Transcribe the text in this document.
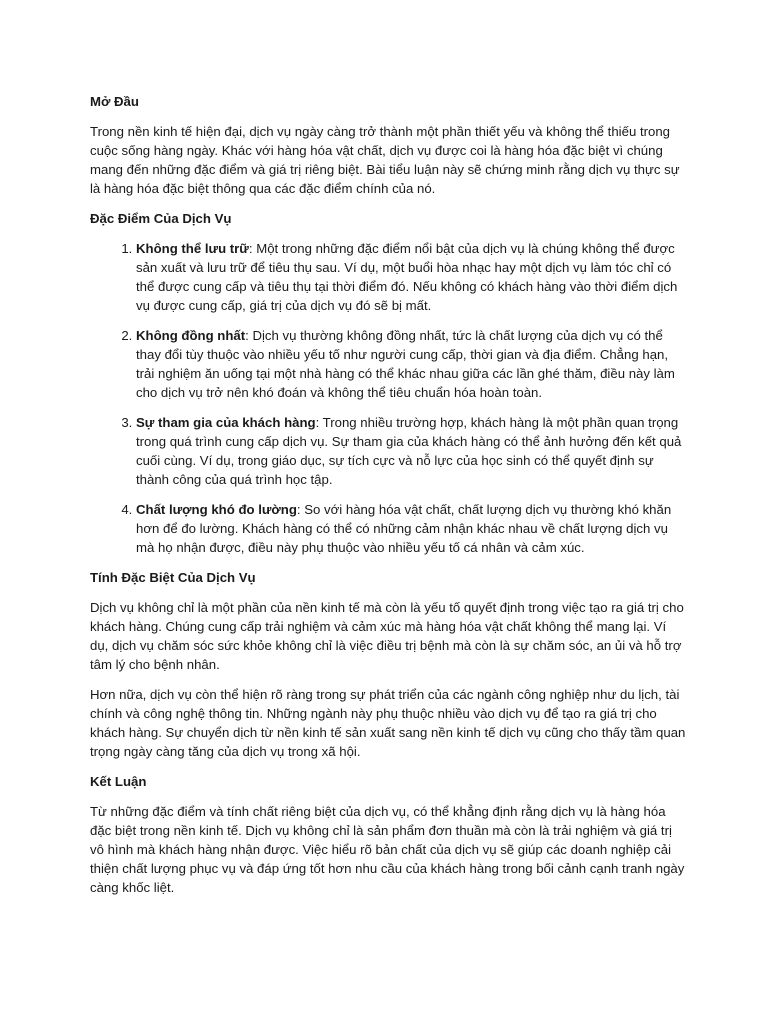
Mở Đầu

Trong nền kinh tế hiện đại, dịch vụ ngày càng trở thành một phần thiết yếu và không thể thiếu trong cuộc sống hàng ngày. Khác với hàng hóa vật chất, dịch vụ được coi là hàng hóa đặc biệt vì chúng mang đến những đặc điểm và giá trị riêng biệt. Bài tiểu luận này sẽ chứng minh rằng dịch vụ thực sự là hàng hóa đặc biệt thông qua các đặc điểm chính của nó.

Đặc Điểm Của Dịch Vụ
1. Không thể lưu trữ: Một trong những đặc điểm nổi bật của dịch vụ là chúng không thể được sản xuất và lưu trữ để tiêu thụ sau. Ví dụ, một buổi hòa nhạc hay một dịch vụ làm tóc chỉ có thể được cung cấp và tiêu thụ tại thời điểm đó. Nếu không có khách hàng vào thời điểm dịch vụ được cung cấp, giá trị của dịch vụ đó sẽ bị mất.
2. Không đồng nhất: Dịch vụ thường không đồng nhất, tức là chất lượng của dịch vụ có thể thay đổi tùy thuộc vào nhiều yếu tố như người cung cấp, thời gian và địa điểm. Chẳng hạn, trải nghiệm ăn uống tại một nhà hàng có thể khác nhau giữa các lần ghé thăm, điều này làm cho dịch vụ trở nên khó đoán và không thể tiêu chuẩn hóa hoàn toàn.
3. Sự tham gia của khách hàng: Trong nhiều trường hợp, khách hàng là một phần quan trọng trong quá trình cung cấp dịch vụ. Sự tham gia của khách hàng có thể ảnh hưởng đến kết quả cuối cùng. Ví dụ, trong giáo dục, sự tích cực và nỗ lực của học sinh có thể quyết định sự thành công của quá trình học tập.
4. Chất lượng khó đo lường: So với hàng hóa vật chất, chất lượng dịch vụ thường khó khăn hơn để đo lường. Khách hàng có thể có những cảm nhận khác nhau về chất lượng dịch vụ mà họ nhận được, điều này phụ thuộc vào nhiều yếu tố cá nhân và cảm xúc.
Tính Đặc Biệt Của Dịch Vụ

Dịch vụ không chỉ là một phần của nền kinh tế mà còn là yếu tố quyết định trong việc tạo ra giá trị cho khách hàng. Chúng cung cấp trải nghiệm và cảm xúc mà hàng hóa vật chất không thể mang lại. Ví dụ, dịch vụ chăm sóc sức khỏe không chỉ là việc điều trị bệnh mà còn là sự chăm sóc, an ủi và hỗ trợ tâm lý cho bệnh nhân.

Hơn nữa, dịch vụ còn thể hiện rõ ràng trong sự phát triển của các ngành công nghiệp như du lịch, tài chính và công nghệ thông tin. Những ngành này phụ thuộc nhiều vào dịch vụ để tạo ra giá trị cho khách hàng. Sự chuyển dịch từ nền kinh tế sản xuất sang nền kinh tế dịch vụ cũng cho thấy tầm quan trọng ngày càng tăng của dịch vụ trong xã hội.

Kết Luận

Từ những đặc điểm và tính chất riêng biệt của dịch vụ, có thể khẳng định rằng dịch vụ là hàng hóa đặc biệt trong nền kinh tế. Dịch vụ không chỉ là sản phẩm đơn thuần mà còn là trải nghiệm và giá trị vô hình mà khách hàng nhận được. Việc hiểu rõ bản chất của dịch vụ sẽ giúp các doanh nghiệp cải thiện chất lượng phục vụ và đáp ứng tốt hơn nhu cầu của khách hàng trong bối cảnh cạnh tranh ngày càng khốc liệt.
